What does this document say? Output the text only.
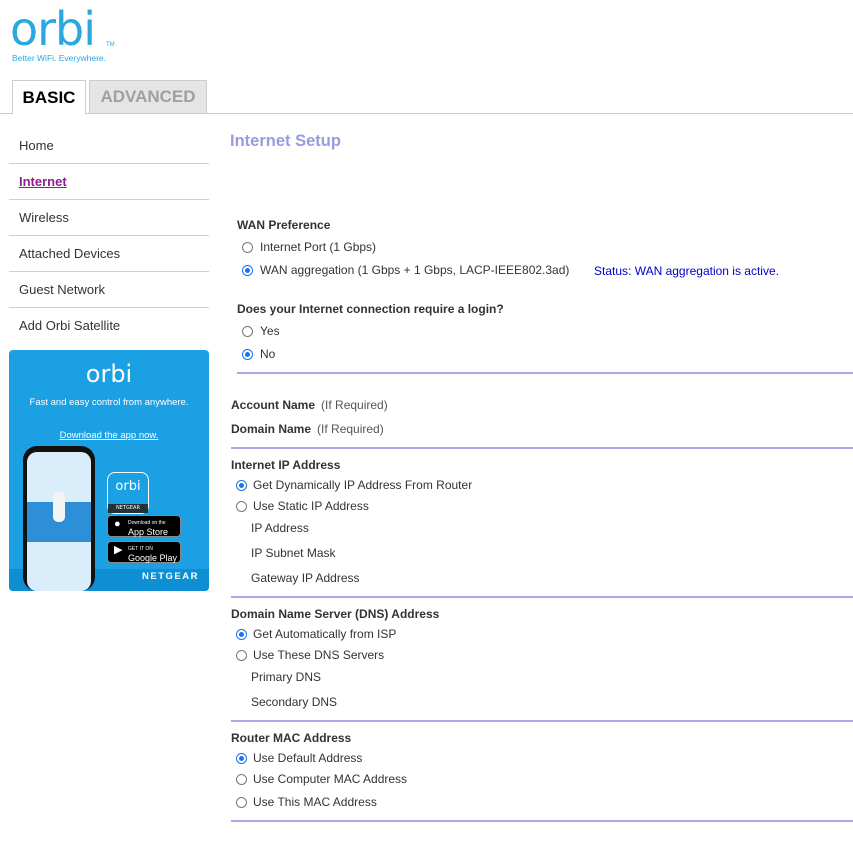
orbi	TM
Better WiFi. Everywhere.
BASIC	ADVANCED
Home
Internet
Wireless
Attached Devices
Guest Network
Add Orbi Satellite
orbi
Fast and easy control from anywhere.
Download the app now.
orbi
NETGEAR
● Download on the
App Store
▶ GET IT ON
Google Play
NETGEAR
Internet Setup
WAN Preference
Internet Port (1 Gbps)
WAN aggregation (1 Gbps + 1 Gbps, LACP-IEEE802.3ad) Status: WAN aggregation is active.
Does your Internet connection require a login?
Yes
No
Account Name (If Required)
Domain Name (If Required)
Internet IP Address
Get Dynamically IP Address From Router
Use Static IP Address
IP Address
IP Subnet Mask
Gateway IP Address
Domain Name Server (DNS) Address
Get Automatically from ISP
Use These DNS Servers
Primary DNS
Secondary DNS
Router MAC Address
Use Default Address
Use Computer MAC Address
Use This MAC Address
